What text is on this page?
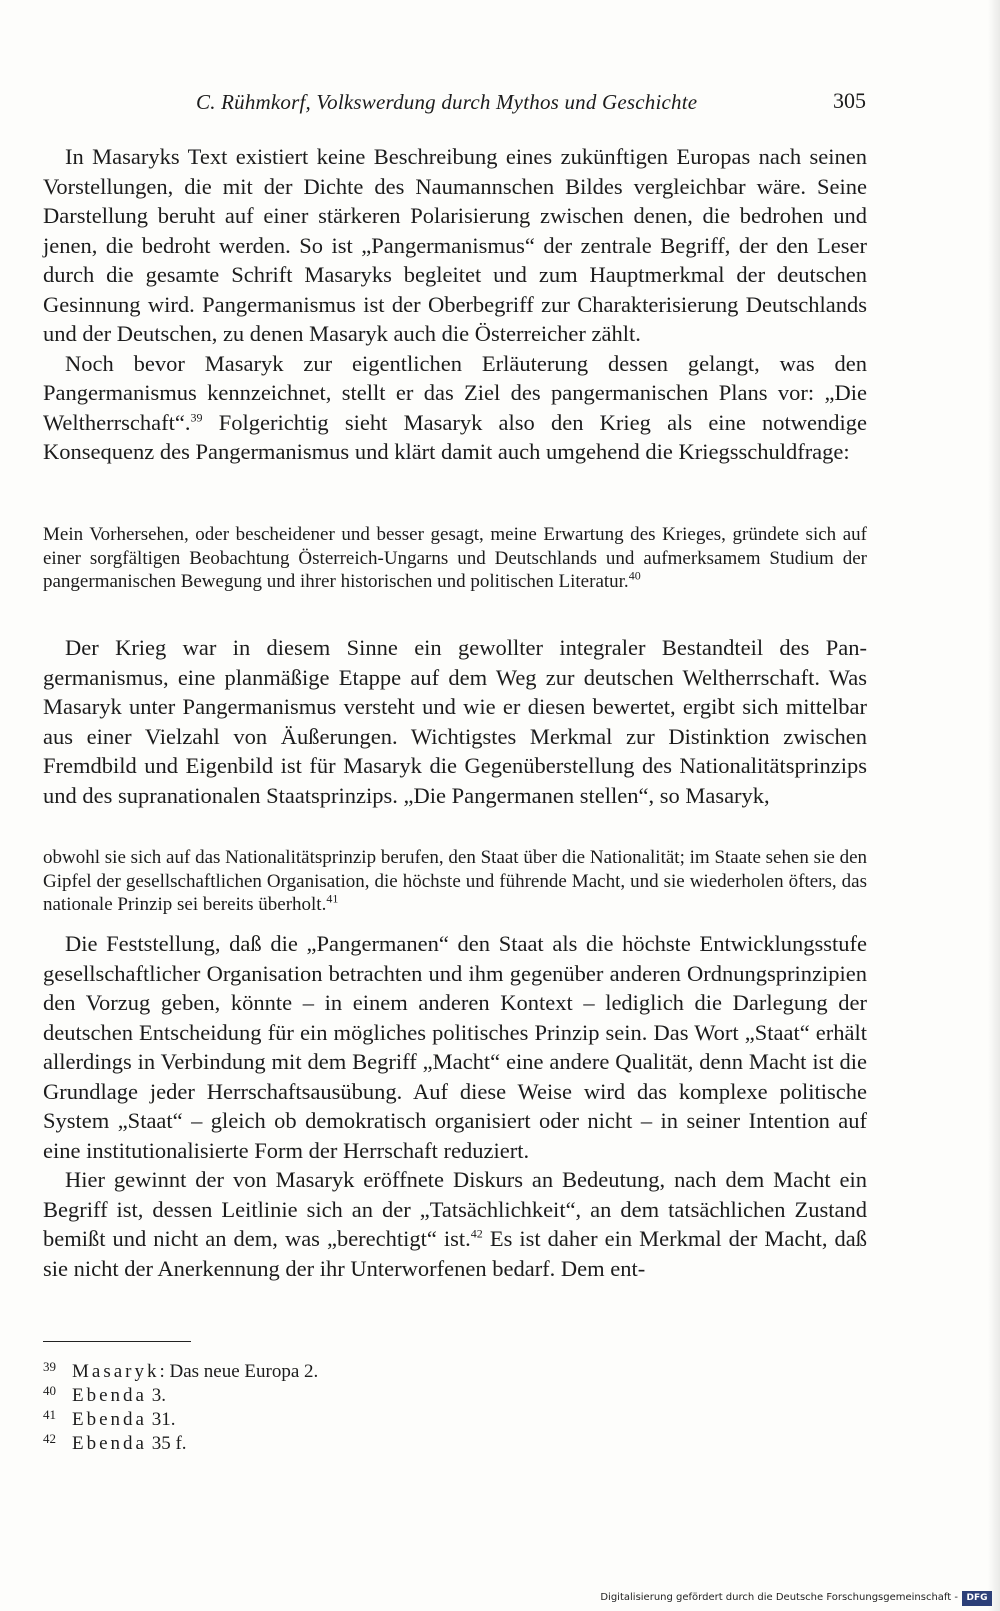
C. Rühmkorf, Volkswerdung durch Mythos und Geschichte	305

In Masaryks Text existiert keine Beschreibung eines zukünftigen Europas nach seinen Vorstellungen, die mit der Dichte des Naumannschen Bildes vergleichbar wäre. Seine Darstellung beruht auf einer stärkeren Polarisierung zwischen denen, die bedrohen und jenen, die bedroht werden. So ist „Pangermanismus“ der zentrale Begriff, der den Leser durch die gesamte Schrift Masaryks begleitet und zum Hauptmerkmal der deutschen Gesinnung wird. Pangermanismus ist der Oberbegriff zur Charakterisierung Deutschlands und der Deutschen, zu denen Masaryk auch die Österreicher zählt.

Noch bevor Masaryk zur eigentlichen Erläuterung dessen gelangt, was den Pangermanismus kennzeichnet, stellt er das Ziel des pangermanischen Plans vor: „Die Weltherrschaft“.$^{39}$ Folgerichtig sieht Masaryk also den Krieg als eine notwendige Konsequenz des Pangermanismus und klärt damit auch umgehend die Kriegsschuldfrage:

Mein Vorhersehen, oder bescheidener und besser gesagt, meine Erwartung des Krieges, gründete sich auf einer sorgfältigen Beobachtung Österreich-Ungarns und Deutschlands und aufmerksamem Studium der pangermanischen Bewegung und ihrer historischen und politischen Literatur.$^{40}$

Der Krieg war in diesem Sinne ein gewollter integraler Bestandteil des Pangermanismus, eine planmäßige Etappe auf dem Weg zur deutschen Weltherrschaft. Was Masaryk unter Pangermanismus versteht und wie er diesen bewertet, ergibt sich mittelbar aus einer Vielzahl von Äußerungen. Wichtigstes Merkmal zur Distinktion zwischen Fremdbild und Eigenbild ist für Masaryk die Gegenüberstellung des Nationalitätsprinzips und des supranationalen Staatsprinzips. „Die Pangermanen stellen“, so Masaryk,

obwohl sie sich auf das Nationalitätsprinzip berufen, den Staat über die Nationalität; im Staate sehen sie den Gipfel der gesellschaftlichen Organisation, die höchste und führende Macht, und sie wiederholen öfters, das nationale Prinzip sei bereits überholt.$^{41}$

Die Feststellung, daß die „Pangermanen“ den Staat als die höchste Entwicklungsstufe gesellschaftlicher Organisation betrachten und ihm gegenüber anderen Ordnungsprinzipien den Vorzug geben, könnte – in einem anderen Kontext – lediglich die Darlegung der deutschen Entscheidung für ein mögliches politisches Prinzip sein. Das Wort „Staat“ erhält allerdings in Verbindung mit dem Begriff „Macht“ eine andere Qualität, denn Macht ist die Grundlage jeder Herrschaftsausübung. Auf diese Weise wird das komplexe politische System „Staat“ – gleich ob demokratisch organisiert oder nicht – in seiner Intention auf eine institutionalisierte Form der Herrschaft reduziert.

Hier gewinnt der von Masaryk eröffnete Diskurs an Bedeutung, nach dem Macht ein Begriff ist, dessen Leitlinie sich an der „Tatsächlichkeit“, an dem tatsächlichen Zustand bemißt und nicht an dem, was „berechtigt“ ist.$^{42}$ Es ist daher ein Merkmal der Macht, daß sie nicht der Anerkennung der ihr Unterworfenen bedarf. Dem ent-

39 Masaryk: Das neue Europa 2.
40 Ebenda 3.
41 Ebenda 31.
42 Ebenda 35 f.
Digitalisierung gefördert durch die Deutsche Forschungsgemeinschaft - DFG
